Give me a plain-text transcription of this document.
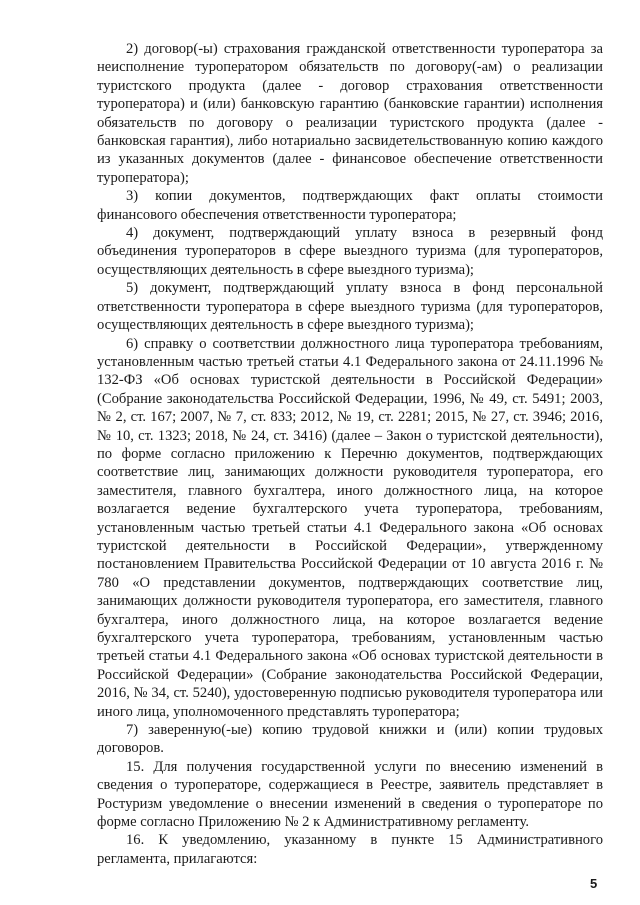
2) договор(-ы) страхования гражданской ответственности туроператора за неисполнение туроператором обязательств по договору(-ам) о реализации туристского продукта (далее - договор страхования ответственности туроператора) и (или) банковскую гарантию (банковские гарантии) исполнения обязательств по договору о реализации туристского продукта (далее - банковская гарантия), либо нотариально засвидетельствованную копию каждого из указанных документов (далее - финансовое обеспечение ответственности туроператора);

3) копии документов, подтверждающих факт оплаты стоимости финансового обеспечения ответственности туроператора;

4) документ, подтверждающий уплату взноса в резервный фонд объединения туроператоров в сфере выездного туризма (для туроператоров, осуществляющих деятельность в сфере выездного туризма);

5) документ, подтверждающий уплату взноса в фонд персональной ответственности туроператора в сфере выездного туризма (для туроператоров, осуществляющих деятельность в сфере выездного туризма);

6) справку о соответствии должностного лица туроператора требованиям, установленным частью третьей статьи 4.1 Федерального закона от 24.11.1996 № 132-ФЗ «Об основах туристской деятельности в Российской Федерации» (Собрание законодательства Российской Федерации, 1996, № 49, ст. 5491; 2003, № 2, ст. 167; 2007, № 7, ст. 833; 2012, № 19, ст. 2281; 2015, № 27, ст. 3946; 2016, № 10, ст. 1323; 2018, № 24, ст. 3416) (далее – Закон о туристской деятельности), по форме согласно приложению к Перечню документов, подтверждающих соответствие лиц, занимающих должности руководителя туроператора, его заместителя, главного бухгалтера, иного должностного лица, на которое возлагается ведение бухгалтерского учета туроператора, требованиям, установленным частью третьей статьи 4.1 Федерального закона «Об основах туристской деятельности в Российской Федерации», утвержденному постановлением Правительства Российской Федерации от 10 августа 2016 г. № 780 «О представлении документов, подтверждающих соответствие лиц, занимающих должности руководителя туроператора, его заместителя, главного бухгалтера, иного должностного лица, на которое возлагается ведение бухгалтерского учета туроператора, требованиям, установленным частью третьей статьи 4.1 Федерального закона «Об основах туристской деятельности в Российской Федерации» (Собрание законодательства Российской Федерации, 2016, № 34, ст. 5240), удостоверенную подписью руководителя туроператора или иного лица, уполномоченного представлять туроператора;

7) заверенную(-ые) копию трудовой книжки и (или) копии трудовых договоров.

15. Для получения государственной услуги по внесению изменений в сведения о туроператоре, содержащиеся в Реестре, заявитель представляет в Ростуризм уведомление о внесении изменений в сведения о туроператоре по форме согласно Приложению № 2 к Административному регламенту.

16. К уведомлению, указанному в пункте 15 Административного регламента, прилагаются:

5
